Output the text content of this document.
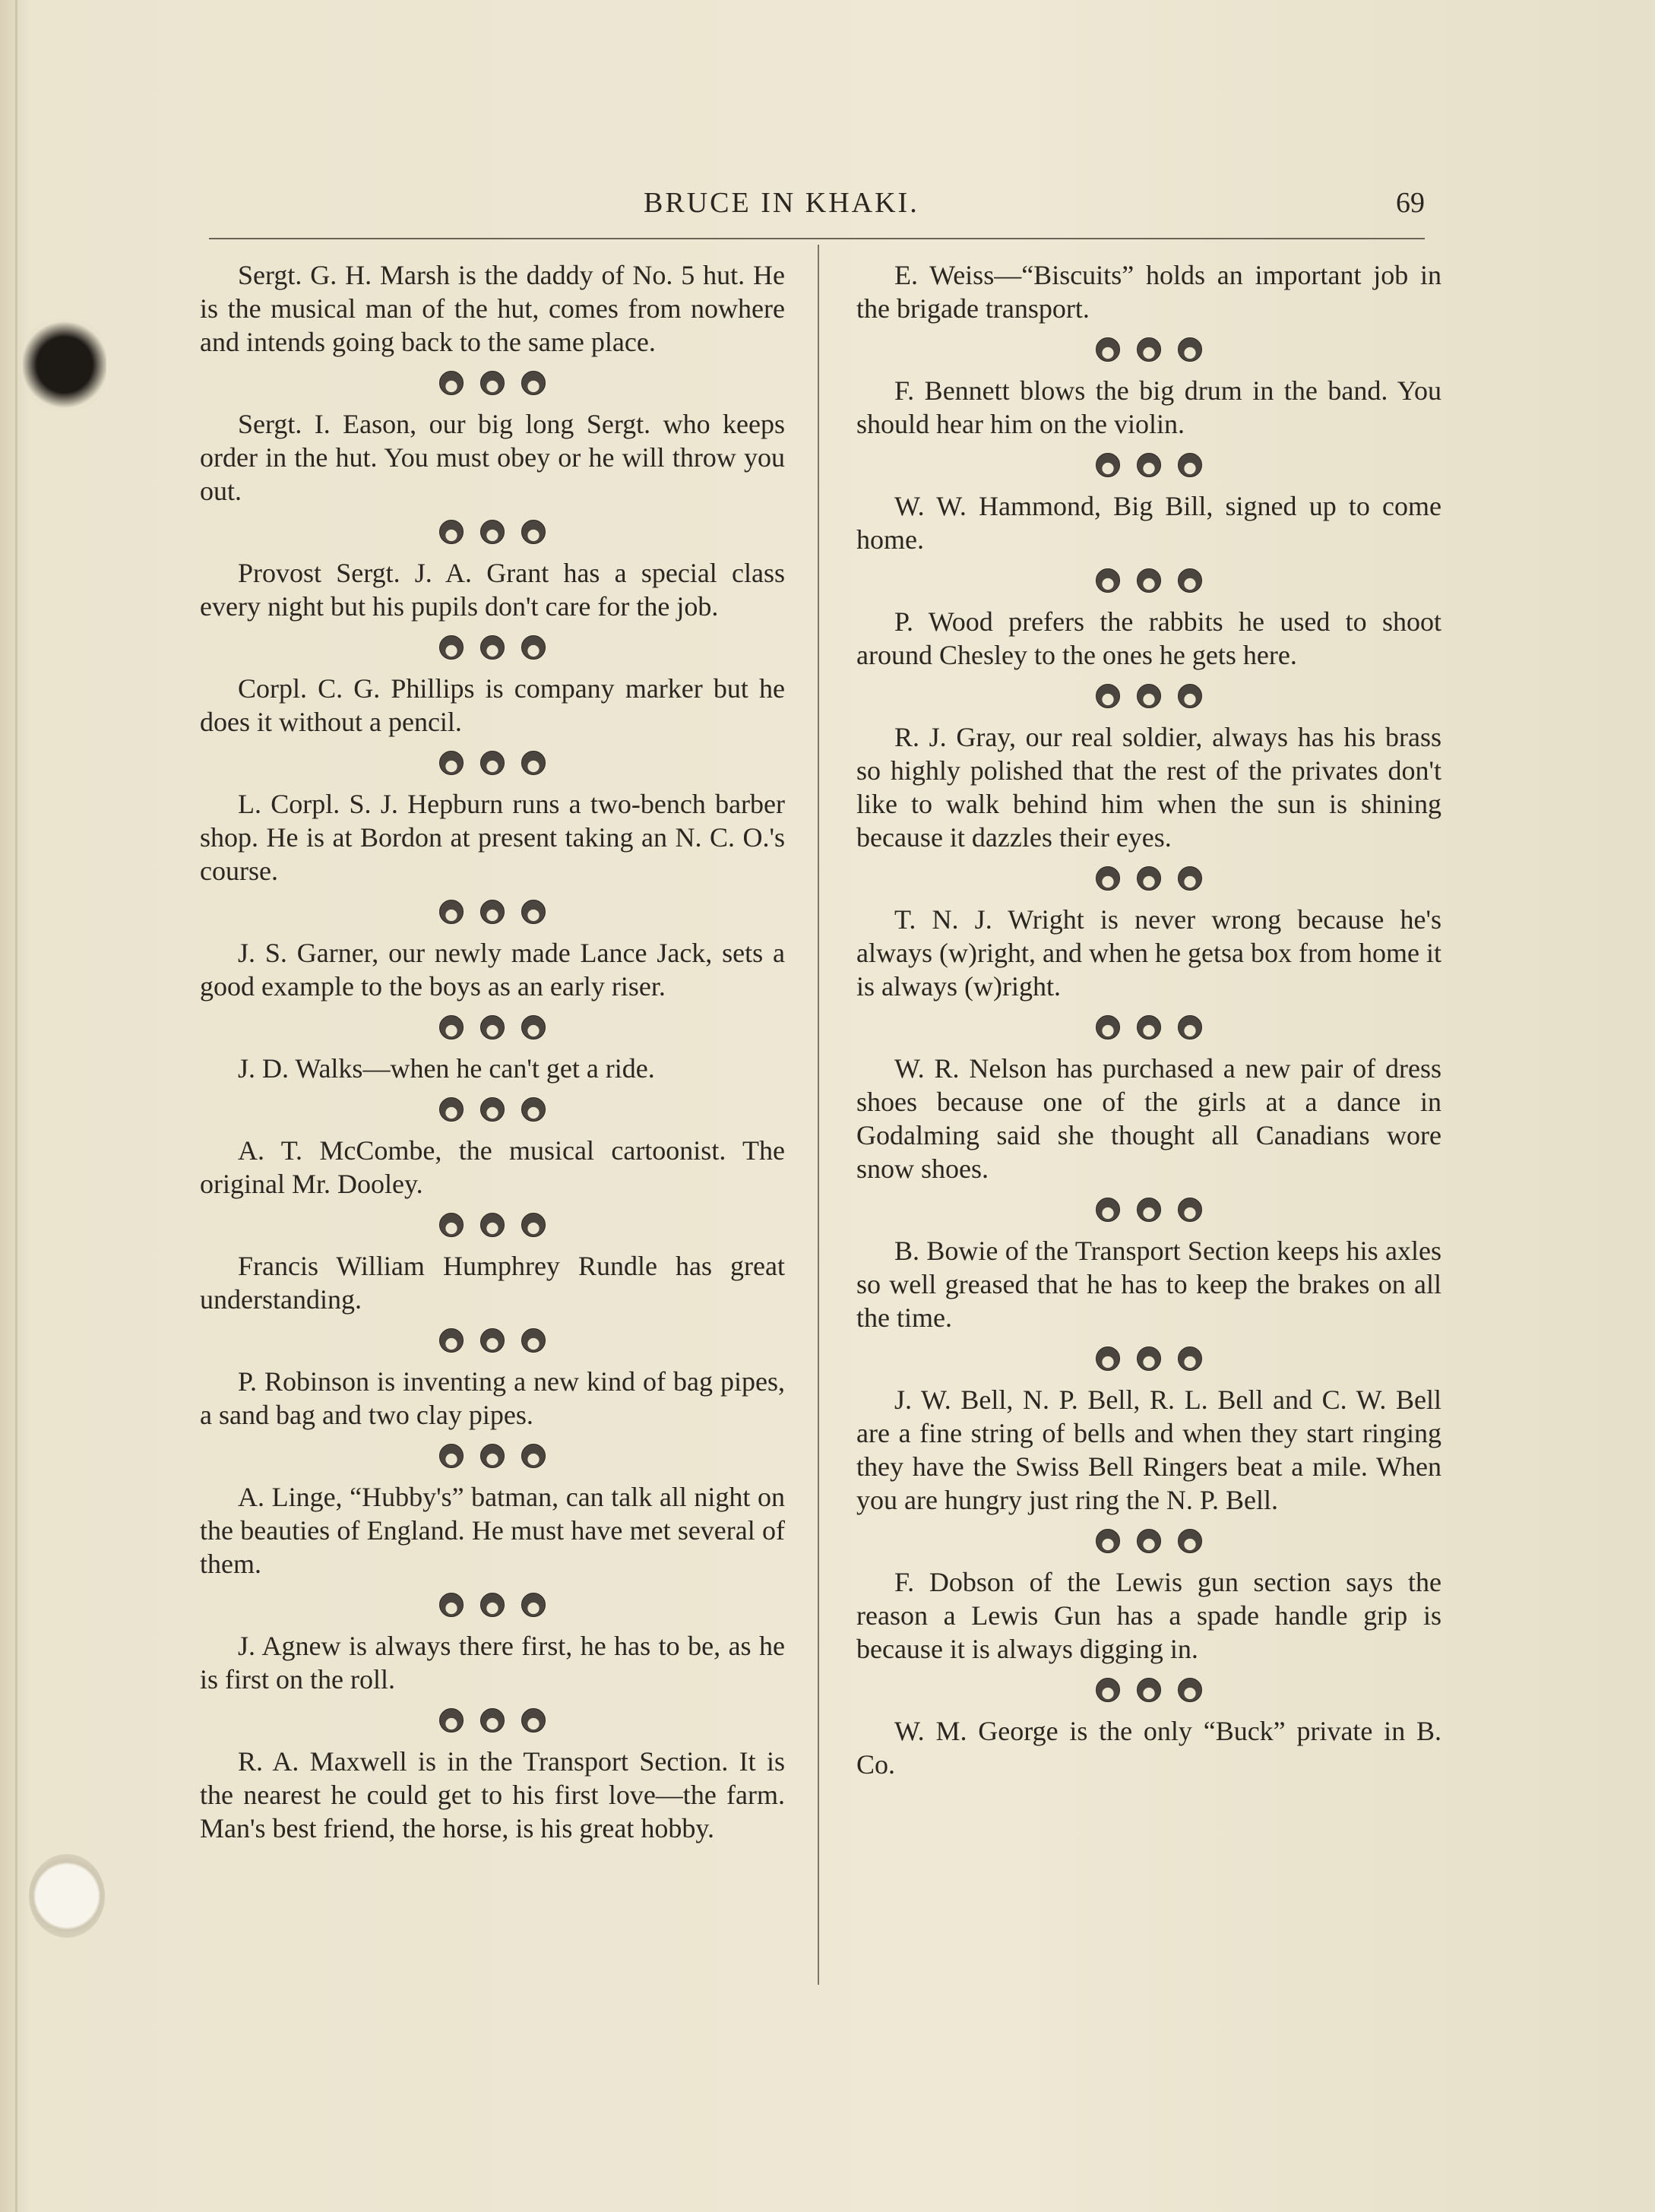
BRUCE IN KHAKI.	69

Sergt. G. H. Marsh is the daddy of No. 5 hut. He is the musical man of the hut, comes from nowhere and intends going back to the same place.

Sergt. I. Eason, our big long Sergt. who keeps order in the hut. You must obey or he will throw you out.

Provost Sergt. J. A. Grant has a special class every night but his pupils don't care for the job.

Corpl. C. G. Phillips is company marker but he does it without a pencil.

L. Corpl. S. J. Hepburn runs a two-bench barber shop. He is at Bordon at present taking an N. C. O.'s course.

J. S. Garner, our newly made Lance Jack, sets a good example to the boys as an early riser.

J. D. Walks—when he can't get a ride.

A. T. McCombe, the musical cartoonist. The original Mr. Dooley.

Francis William Humphrey Rundle has great understanding.

P. Robinson is inventing a new kind of bag pipes, a sand bag and two clay pipes.

A. Linge, “Hubby's” batman, can talk all night on the beauties of England. He must have met several of them.

J. Agnew is always there first, he has to be, as he is first on the roll.

R. A. Maxwell is in the Transport Section. It is the nearest he could get to his first love—the farm. Man's best friend, the horse, is his great hobby.

E. Weiss—“Biscuits” holds an important job in the brigade transport.

F. Bennett blows the big drum in the band. You should hear him on the violin.

W. W. Hammond, Big Bill, signed up to come home.

P. Wood prefers the rabbits he used to shoot around Chesley to the ones he gets here.

R. J. Gray, our real soldier, always has his brass so highly polished that the rest of the privates don't like to walk behind him when the sun is shining because it dazzles their eyes.

T. N. J. Wright is never wrong because he's always (w)right, and when he getsa box from home it is always (w)right.

W. R. Nelson has purchased a new pair of dress shoes because one of the girls at a dance in Godalming said she thought all Canadians wore snow shoes.

B. Bowie of the Transport Section keeps his axles so well greased that he has to keep the brakes on all the time.

J. W. Bell, N. P. Bell, R. L. Bell and C. W. Bell are a fine string of bells and when they start ringing they have the Swiss Bell Ringers beat a mile. When you are hungry just ring the N. P. Bell.

F. Dobson of the Lewis gun section says the reason a Lewis Gun has a spade handle grip is because it is always digging in.

W. M. George is the only “Buck” private in B. Co.
